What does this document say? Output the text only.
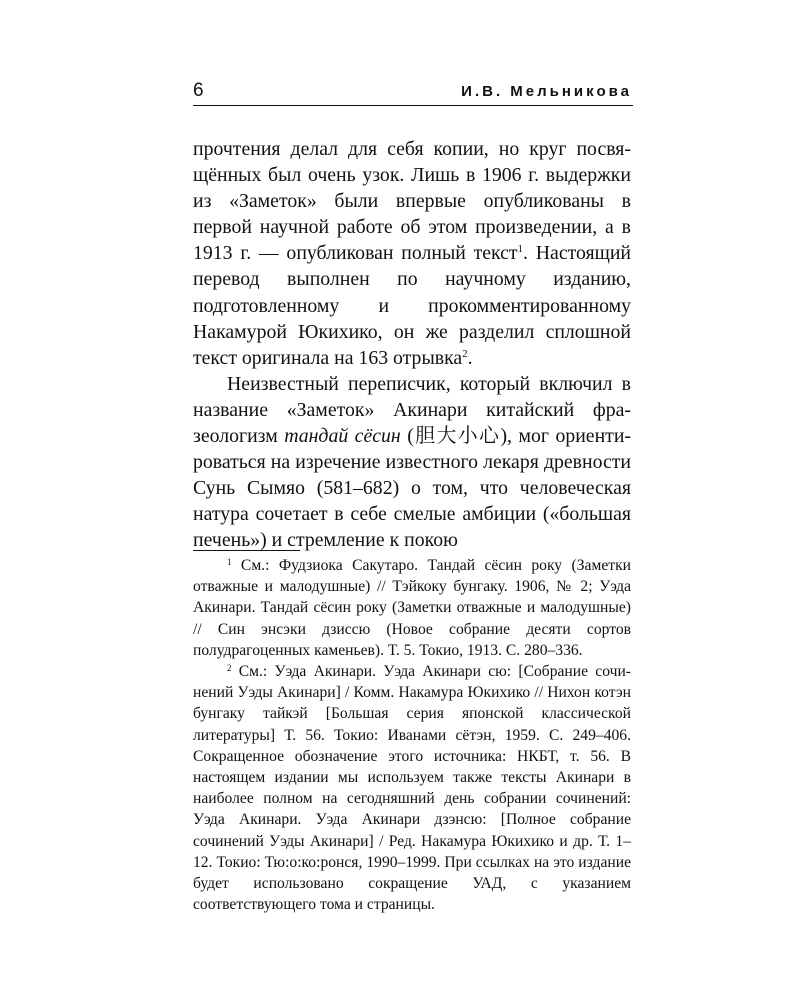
6	И.В. Мельникова

прочтения делал для себя копии, но круг посвящённых был очень узок. Лишь в 1906 г. выдержки из «Заметок» были впервые опубликованы в первой научной работе об этом произведении, а в 1913 г. — опубликован полный текст$^1$. Настоящий перевод выполнен по научному изданию, подготовленному и прокомментированному Накамурой Юкихико, он же разделил сплошной текст оригинала на 163 отрывка$^2$.

Неизвестный переписчик, который включил в название «Заметок» Акинари китайский фразеологизм тандай сёсин (胆大小心), мог ориентироваться на изречение известного лекаря древности Сунь Сымяо (581–682) о том, что человеческая натура сочетает в себе смелые амбиции («большая печень») и стремление к покою

$^1$ См.: Фудзиока Сакутаро. Тандай сёсин року (Заметки отважные и малодушные) // Тэйкоку бунгаку. 1906, № 2; Уэда Акинари. Тандай сёсин року (Заметки отважные и малодушные) // Син энсэки дзиссю (Новое собрание десяти сортов полудрагоценных каменьев). Т. 5. Токио, 1913. С. 280–336.

$^2$ См.: Уэда Акинари. Уэда Акинари сю: [Собрание сочинений Уэды Акинари] / Комм. Накамура Юкихико // Нихон котэн бунгаку тайкэй [Большая серия японской классической литературы] Т. 56. Токио: Иванами сётэн, 1959. С. 249–406. Сокращенное обозначение этого источника: НКБТ, т. 56. В настоящем издании мы используем также тексты Акинари в наиболее полном на сегодняшний день собрании сочинений: Уэда Акинари. Уэда Акинари дзэнсю: [Полное собрание сочинений Уэды Акинари] / Ред. Накамура Юкихико и др. Т. 1–12. Токио: Тю:о:ко:ронся, 1990–1999. При ссылках на это издание будет использовано сокращение УАД, с указанием соответствующего тома и страницы.
